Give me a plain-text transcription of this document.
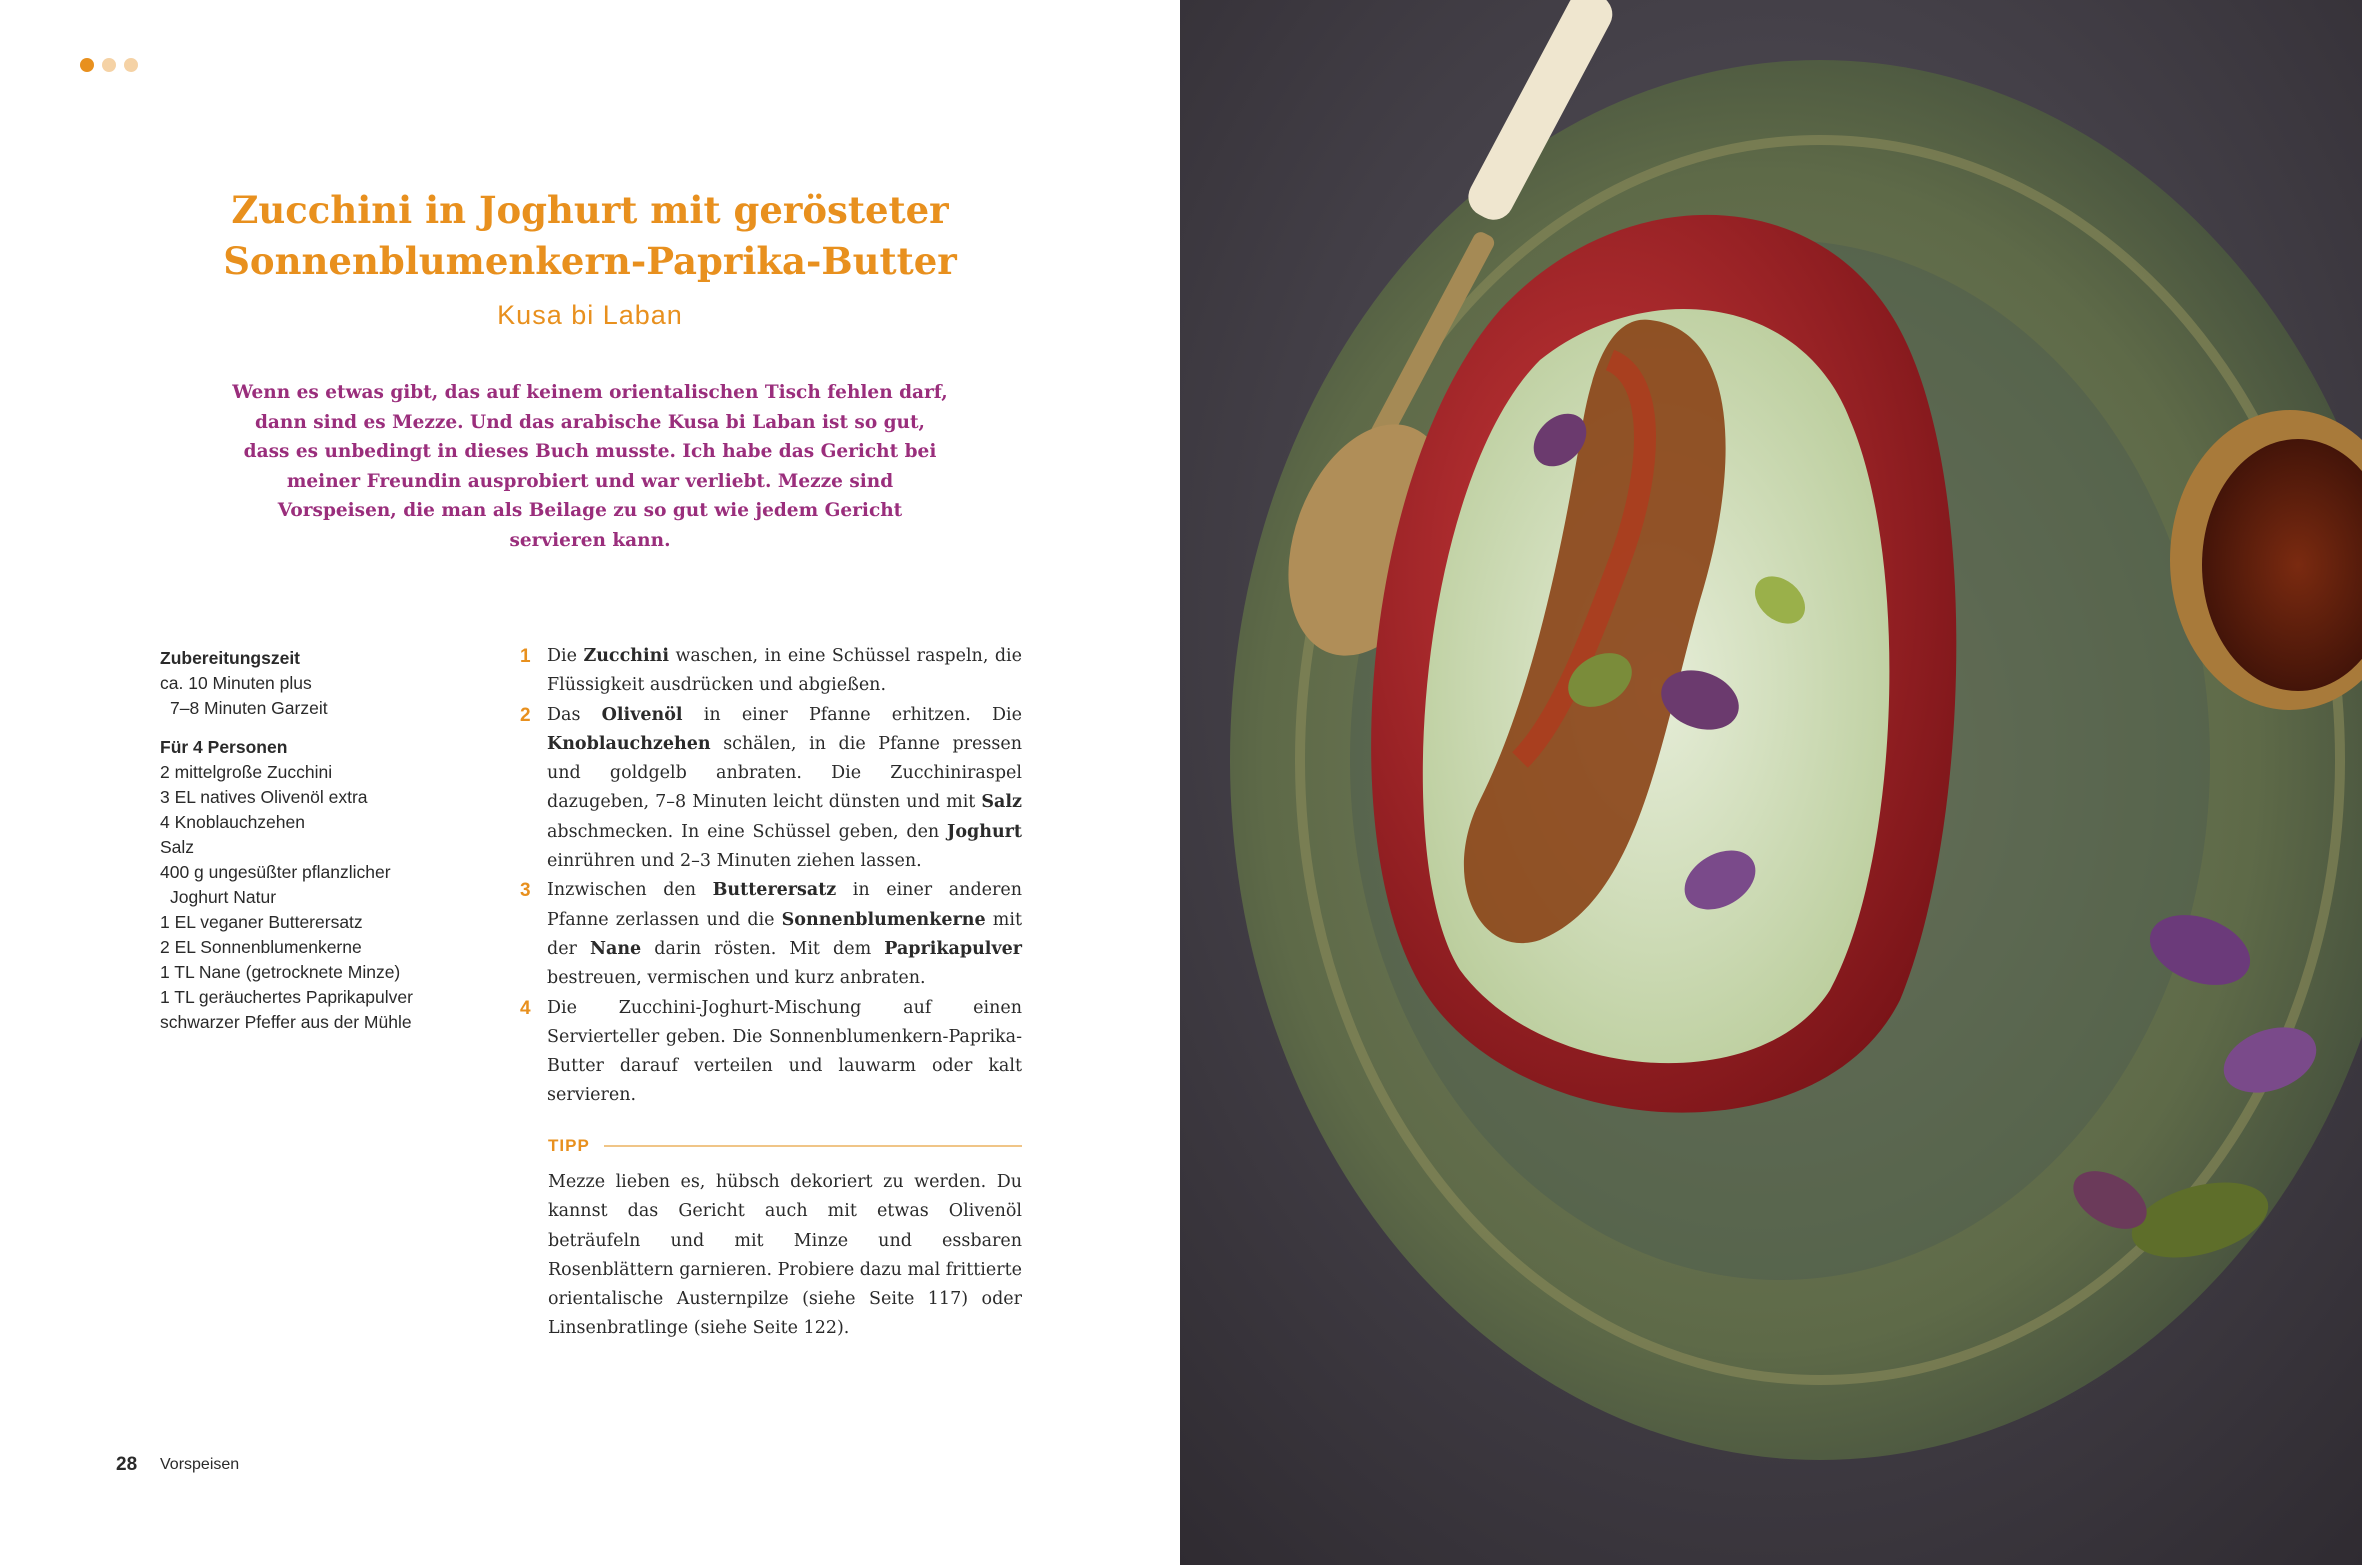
Zucchini in Joghurt mit gerösteter Sonnenblumenkern-Paprika-Butter
Kusa bi Laban

Wenn es etwas gibt, das auf keinem orientalischen Tisch fehlen darf, dann sind es Mezze. Und das arabische Kusa bi Laban ist so gut, dass es unbedingt in dieses Buch musste. Ich habe das Gericht bei meiner Freundin ausprobiert und war verliebt. Mezze sind Vorspeisen, die man als Beilage zu so gut wie jedem Gericht servieren kann.

Zubereitungszeit
ca. 10 Minuten plus
7–8 Minuten Garzeit
Für 4 Personen
2 mittelgroße Zucchini
3 EL natives Olivenöl extra
4 Knoblauchzehen
Salz
400 g ungesüßter pflanzlicher
Joghurt Natur
1 EL veganer Butterersatz
2 EL Sonnenblumenkerne
1 TL Nane (getrocknete Minze)
1 TL geräuchertes Paprikapulver
schwarzer Pfeffer aus der Mühle
1 Die Zucchini waschen, in eine Schüssel raspeln, die Flüssigkeit ausdrücken und abgießen.
2 Das Olivenöl in einer Pfanne erhitzen. Die Knoblauchzehen schälen, in die Pfanne pressen und goldgelb anbraten. Die Zucchiniraspel dazugeben, 7–8 Minuten leicht dünsten und mit Salz abschmecken. In eine Schüssel geben, den Joghurt einrühren und 2–3 Minuten ziehen lassen.
3 Inzwischen den Butterersatz in einer anderen Pfanne zerlassen und die Sonnenblumenkerne mit der Nane darin rösten. Mit dem Paprikapulver bestreuen, vermischen und kurz anbraten.
4 Die Zucchini-Joghurt-Mischung auf einen Servierteller geben. Die Sonnenblumenkern-Paprika-Butter darauf verteilen und lauwarm oder kalt servieren.
TIPP

Mezze lieben es, hübsch dekoriert zu werden. Du kannst das Gericht auch mit etwas Olivenöl beträufeln und mit Minze und essbaren Rosenblättern garnieren. Probiere dazu mal frittierte orientalische Austernpilze (siehe Seite 117) oder Linsenbratlinge (siehe Seite 122).

28 Vorspeisen
